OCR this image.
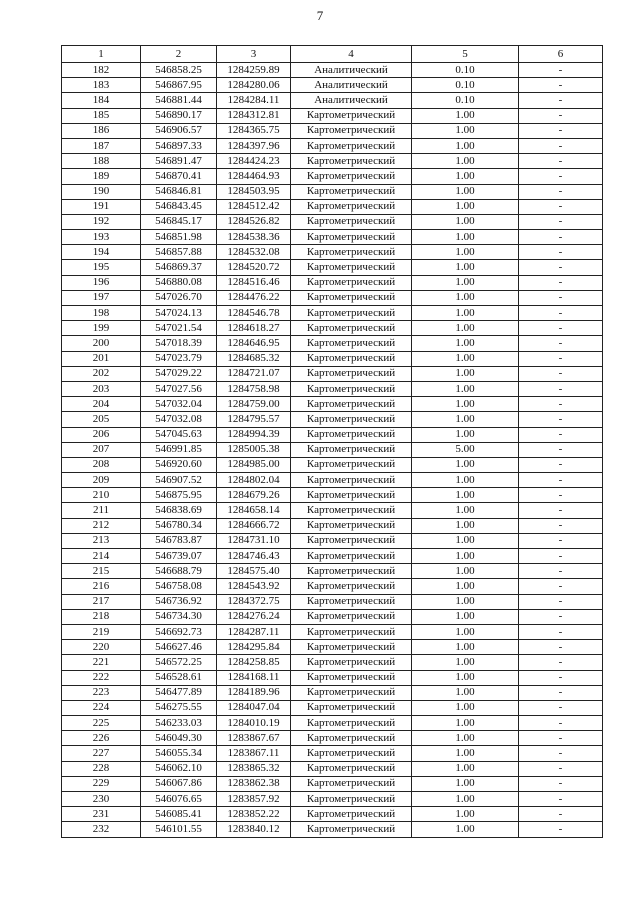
7
1	2	3	4	5	6
182	546858.25	1284259.89	Аналитический	0.10	-
183	546867.95	1284280.06	Аналитический	0.10	-
184	546881.44	1284284.11	Аналитический	0.10	-
185	546890.17	1284312.81	Картометрический	1.00	-
186	546906.57	1284365.75	Картометрический	1.00	-
187	546897.33	1284397.96	Картометрический	1.00	-
188	546891.47	1284424.23	Картометрический	1.00	-
189	546870.41	1284464.93	Картометрический	1.00	-
190	546846.81	1284503.95	Картометрический	1.00	-
191	546843.45	1284512.42	Картометрический	1.00	-
192	546845.17	1284526.82	Картометрический	1.00	-
193	546851.98	1284538.36	Картометрический	1.00	-
194	546857.88	1284532.08	Картометрический	1.00	-
195	546869.37	1284520.72	Картометрический	1.00	-
196	546880.08	1284516.46	Картометрический	1.00	-
197	547026.70	1284476.22	Картометрический	1.00	-
198	547024.13	1284546.78	Картометрический	1.00	-
199	547021.54	1284618.27	Картометрический	1.00	-
200	547018.39	1284646.95	Картометрический	1.00	-
201	547023.79	1284685.32	Картометрический	1.00	-
202	547029.22	1284721.07	Картометрический	1.00	-
203	547027.56	1284758.98	Картометрический	1.00	-
204	547032.04	1284759.00	Картометрический	1.00	-
205	547032.08	1284795.57	Картометрический	1.00	-
206	547045.63	1284994.39	Картометрический	1.00	-
207	546991.85	1285005.38	Картометрический	5.00	-
208	546920.60	1284985.00	Картометрический	1.00	-
209	546907.52	1284802.04	Картометрический	1.00	-
210	546875.95	1284679.26	Картометрический	1.00	-
211	546838.69	1284658.14	Картометрический	1.00	-
212	546780.34	1284666.72	Картометрический	1.00	-
213	546783.87	1284731.10	Картометрический	1.00	-
214	546739.07	1284746.43	Картометрический	1.00	-
215	546688.79	1284575.40	Картометрический	1.00	-
216	546758.08	1284543.92	Картометрический	1.00	-
217	546736.92	1284372.75	Картометрический	1.00	-
218	546734.30	1284276.24	Картометрический	1.00	-
219	546692.73	1284287.11	Картометрический	1.00	-
220	546627.46	1284295.84	Картометрический	1.00	-
221	546572.25	1284258.85	Картометрический	1.00	-
222	546528.61	1284168.11	Картометрический	1.00	-
223	546477.89	1284189.96	Картометрический	1.00	-
224	546275.55	1284047.04	Картометрический	1.00	-
225	546233.03	1284010.19	Картометрический	1.00	-
226	546049.30	1283867.67	Картометрический	1.00	-
227	546055.34	1283867.11	Картометрический	1.00	-
228	546062.10	1283865.32	Картометрический	1.00	-
229	546067.86	1283862.38	Картометрический	1.00	-
230	546076.65	1283857.92	Картометрический	1.00	-
231	546085.41	1283852.22	Картометрический	1.00	-
232	546101.55	1283840.12	Картометрический	1.00	-
